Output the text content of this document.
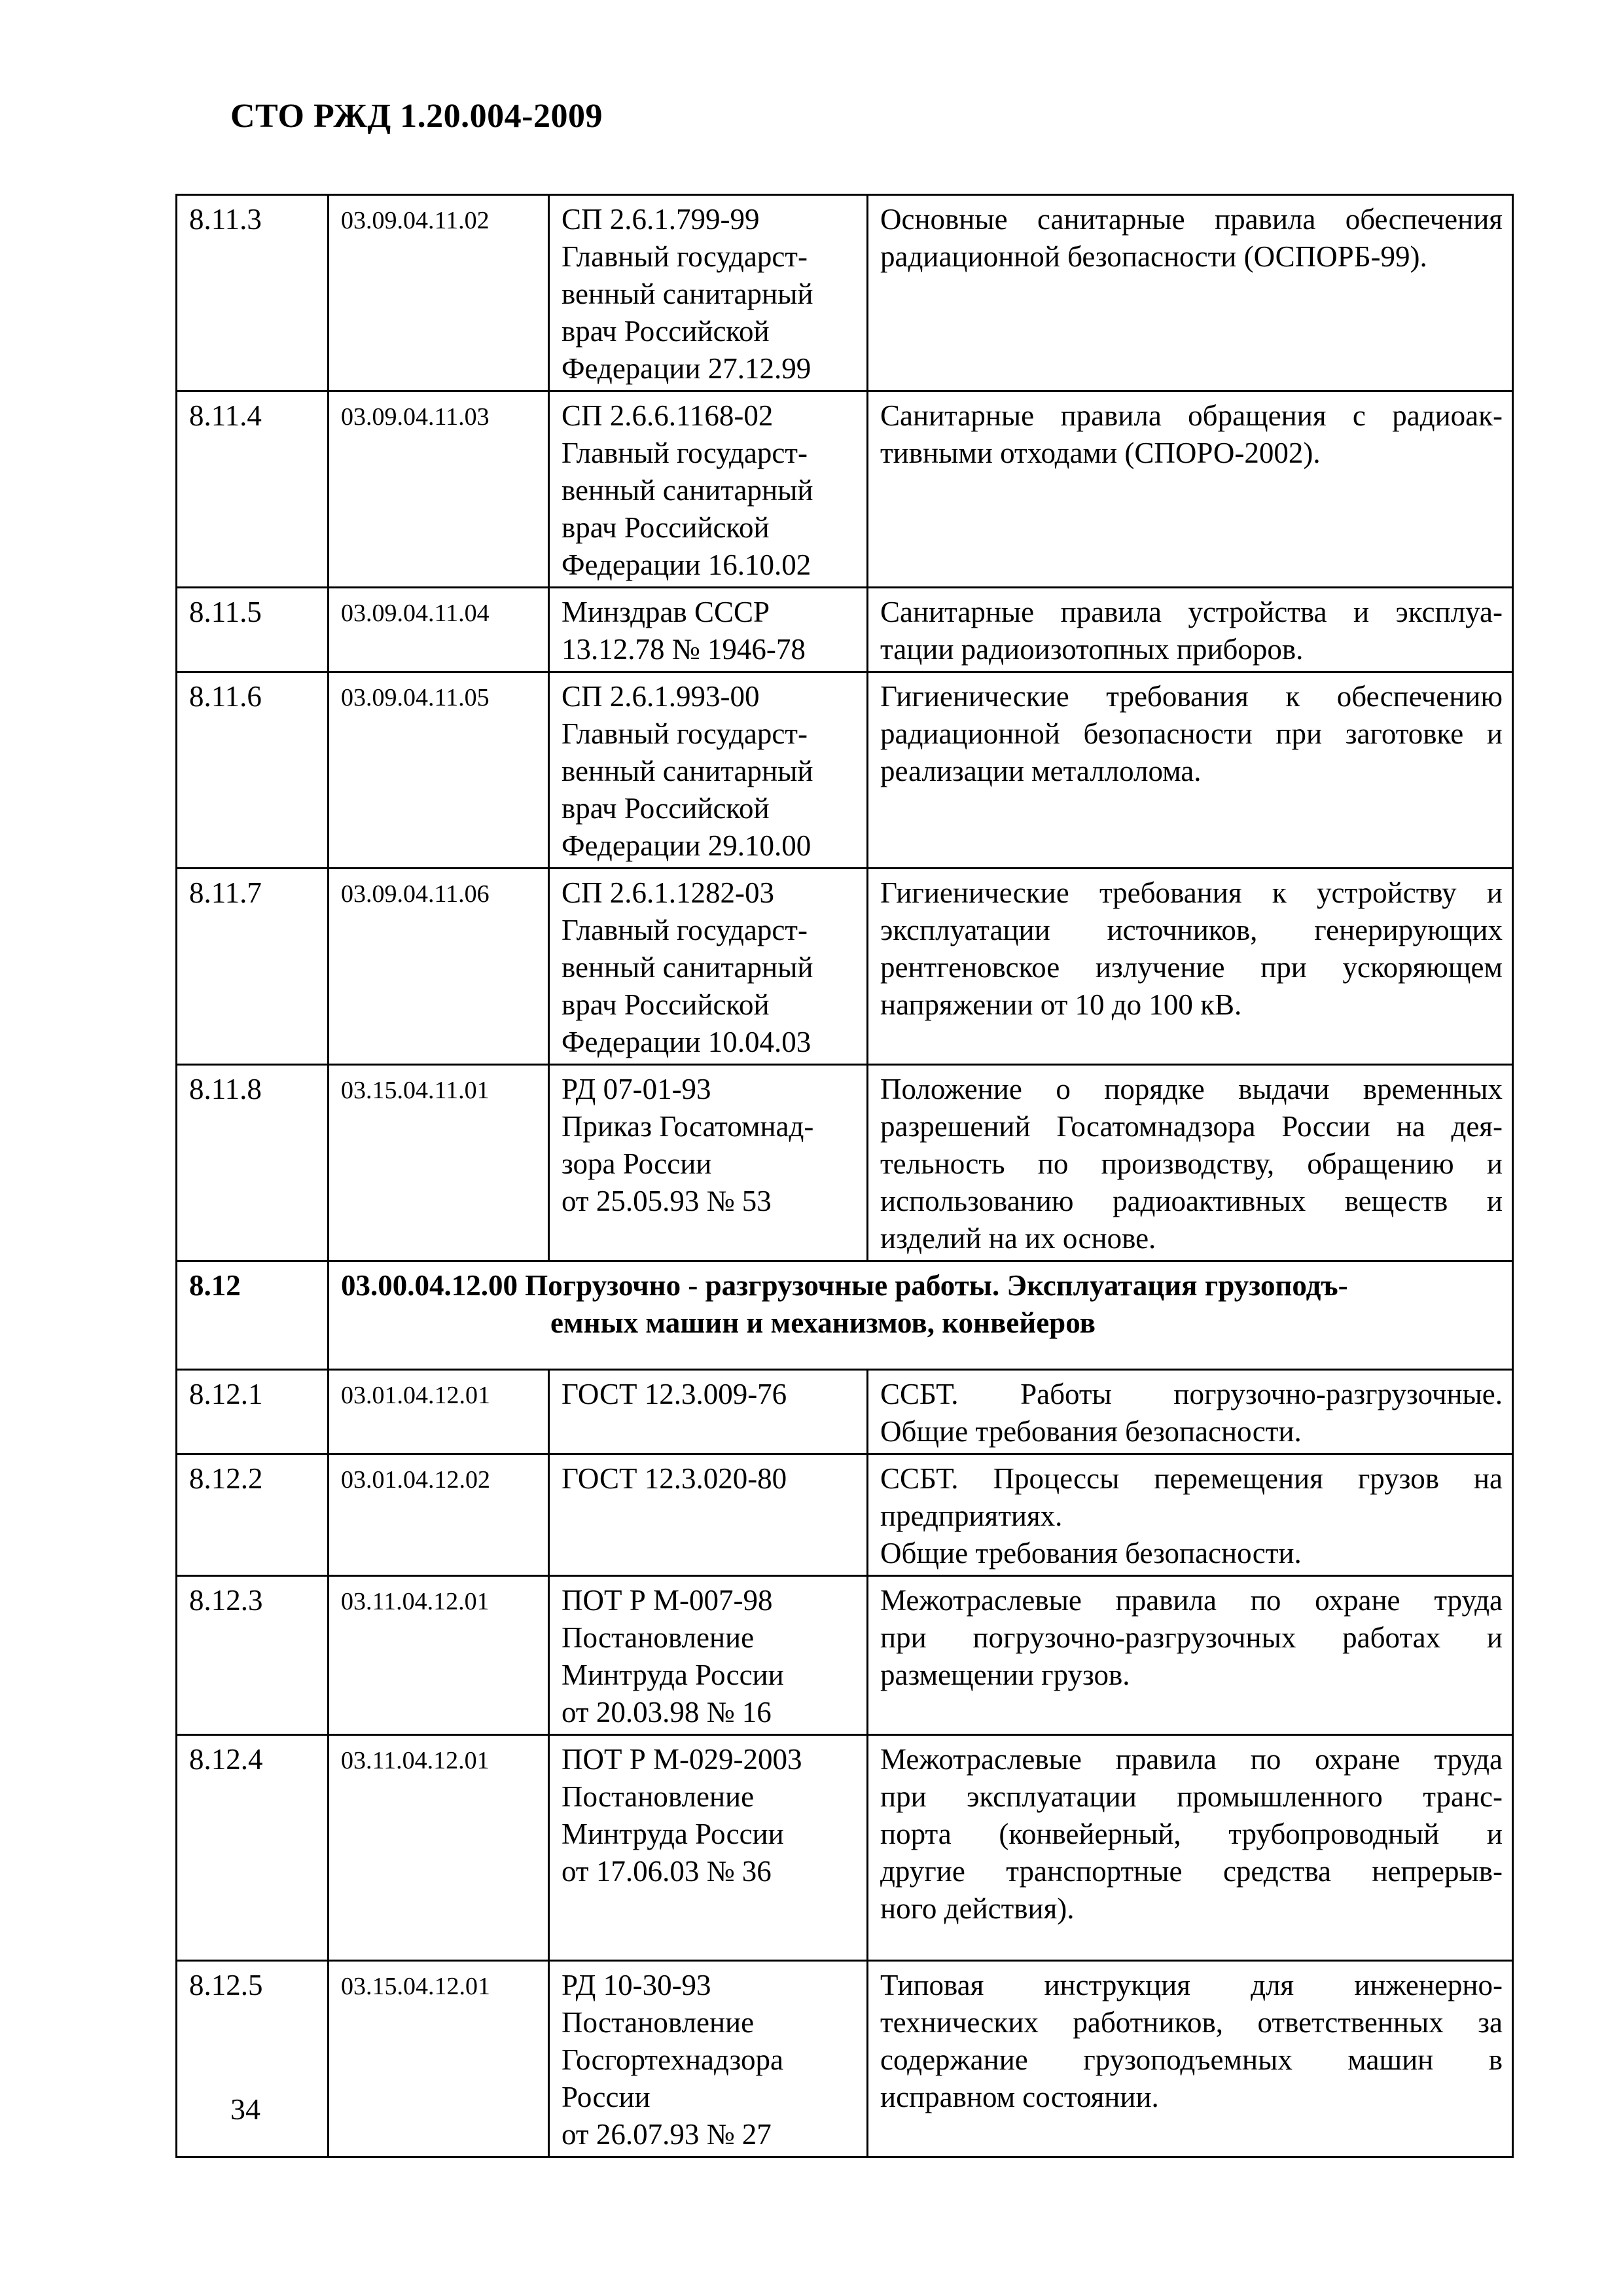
СТО РЖД 1.20.004-2009
8.11.3	03.09.04.11.02	СП 2.6.1.799-99
Главный государст-
венный санитарный
врач Российской
Федерации 27.12.99	Основные санитарные правила обеспечения
радиационной безопасности (ОСПОРБ-99).

8.11.4	03.09.04.11.03	СП 2.6.6.1168-02
Главный государст-
венный санитарный
врач Российской
Федерации 16.10.02	Санитарные правила обращения с радиоак-
тивными отходами (СПОРО-2002).

8.11.5	03.09.04.11.04	Минздрав СССР
13.12.78 № 1946-78	Санитарные правила устройства и эксплуа-
тации радиоизотопных приборов.

8.11.6	03.09.04.11.05	СП 2.6.1.993-00
Главный государст-
венный санитарный
врач Российской
Федерации 29.10.00	Гигиенические требования к обеспечению
радиационной безопасности при заготовке и
реализации металлолома.

8.11.7	03.09.04.11.06	СП 2.6.1.1282-03
Главный государст-
венный санитарный
врач Российской
Федерации 10.04.03	Гигиенические требования к устройству и
эксплуатации источников, генерирующих
рентгеновское излучение при ускоряющем
напряжении от 10 до 100 кВ.

8.11.8	03.15.04.11.01	РД 07-01-93
Приказ Госатомнад-
зора России
от 25.05.93 № 53	Положение о порядке выдачи временных
разрешений Госатомнадзора России на дея-
тельность по производству, обращению и
использованию радиоактивных веществ и
изделий на их основе.

8.12	03.00.04.12.00 Погрузочно - разгрузочные работы. Эксплуатация грузоподъ-
емных машин и механизмов, конвейеров		

8.12.1	03.01.04.12.01	ГОСТ 12.3.009-76	ССБТ. Работы погрузочно-разгрузочные.
Общие требования безопасности.

8.12.2	03.01.04.12.02	ГОСТ 12.3.020-80	ССБТ. Процессы перемещения грузов на
предприятиях.
Общие требования безопасности.

8.12.3	03.11.04.12.01	ПОТ Р М-007-98
Постановление
Минтруда России
от 20.03.98 № 16	Межотраслевые правила по охране труда
при погрузочно-разгрузочных работах и
размещении грузов.

8.12.4	03.11.04.12.01	ПОТ Р М-029-2003
Постановление
Минтруда России
от 17.06.03 № 36	Межотраслевые правила по охране труда
при эксплуатации промышленного транс-
порта (конвейерный, трубопроводный и
другие транспортные средства непрерыв-
ного действия).

8.12.5	03.15.04.12.01	РД 10-30-93
Постановление
Госгортехнадзора
России
от 26.07.93 № 27	Типовая инструкция для инженерно-
технических работников, ответственных за
содержание грузоподъемных машин в
исправном состоянии.
34
